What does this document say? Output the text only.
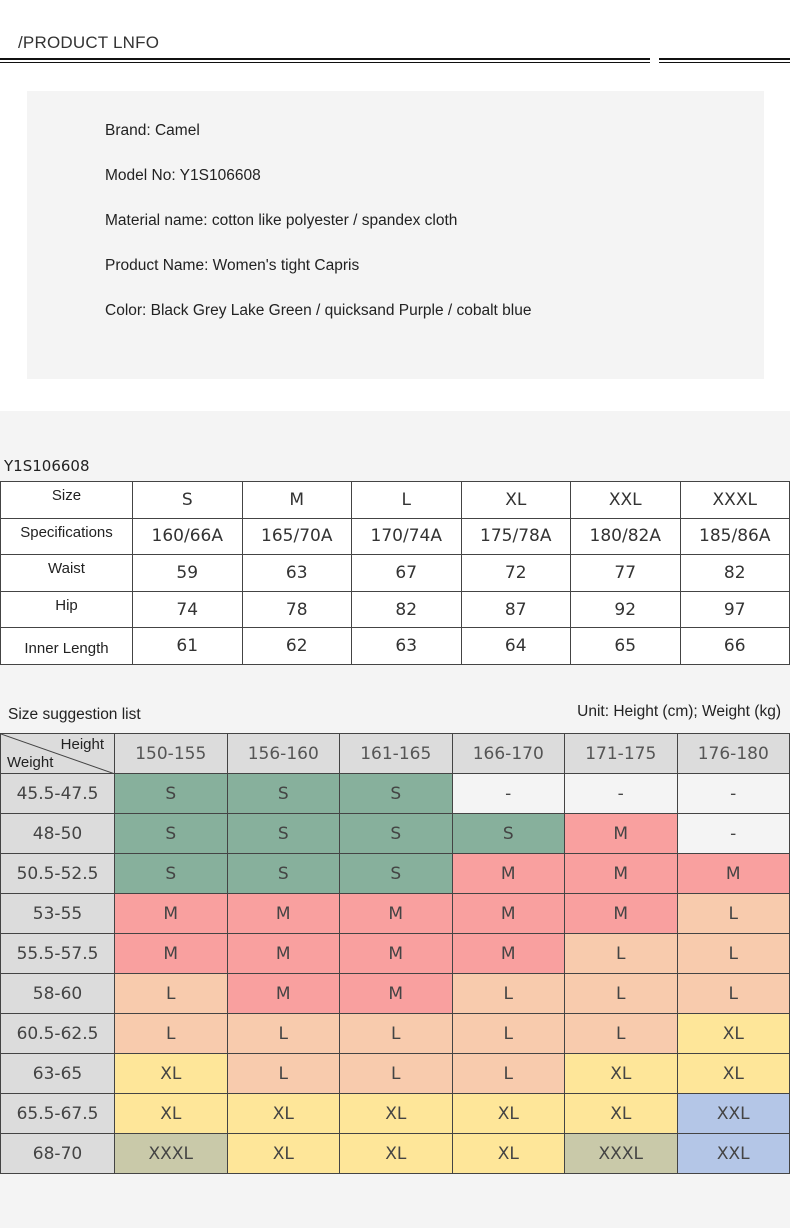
/PRODUCT LNFO
Brand: Camel
Model No: Y1S106608
Material name: cotton like polyester / spandex cloth
Product Name: Women's tight Capris
Color: Black Grey Lake Green / quicksand Purple / cobalt blue
Y1S106608
Size	S	M	L	XL	XXL	XXXL
Specifications	160/66A	165/70A	170/74A	175/78A	180/82A	185/86A
Waist	59	63	67	72	77	82
Hip	74	78	82	87	92	97
Inner Length	61	62	63	64	65	66
Size suggestion list	Unit: Height (cm); Weight (kg)
Height
Weight	150-155	156-160	161-165	166-170	171-175	176-180
45.5-47.5	S	S	S	-	-	-
48-50	S	S	S	S	M	-
50.5-52.5	S	S	S	M	M	M
53-55	M	M	M	M	M	L
55.5-57.5	M	M	M	M	L	L
58-60	L	M	M	L	L	L
60.5-62.5	L	L	L	L	L	XL
63-65	XL	L	L	L	XL	XL
65.5-67.5	XL	XL	XL	XL	XL	XXL
68-70	XXXL	XL	XL	XL	XXXL	XXL
